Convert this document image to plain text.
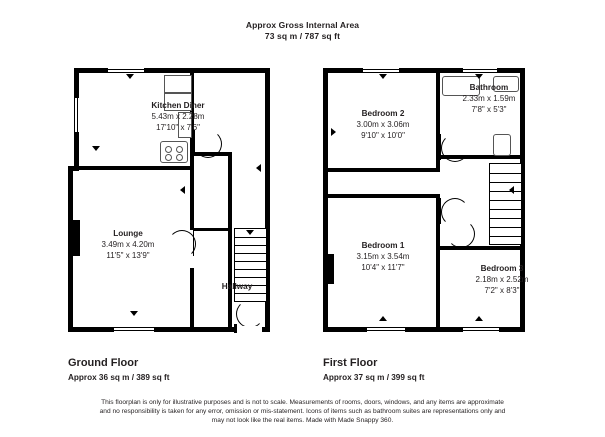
Approx Gross Internal Area
73 sq m / 787 sq ft
Kitchen Diner
5.43m x 2.28m
17'10" x 7'6"
Lounge
3.49m x 4.20m
11'5" x 13'9"
Hallway
Ground Floor
Approx 36 sq m / 389 sq ft
Bathroom
2.33m x 1.59m
7'8" x 5'3"
Bedroom 2
3.00m x 3.06m
9'10" x 10'0"
Bedroom 1
3.15m x 3.54m
10'4" x 11'7"	Bedroom 3
2.18m x 2.52m
7'2" x 8'3"
First Floor
Approx 37 sq m / 399 sq ft
This floorplan is only for illustrative purposes and is not to scale. Measurements of rooms, doors, windows, and any items are approximate
and no responsibility is taken for any error, omission or mis-statement. Icons of items such as bathroom suites are representations only and
may not look like the real items. Made with Made Snappy 360.
